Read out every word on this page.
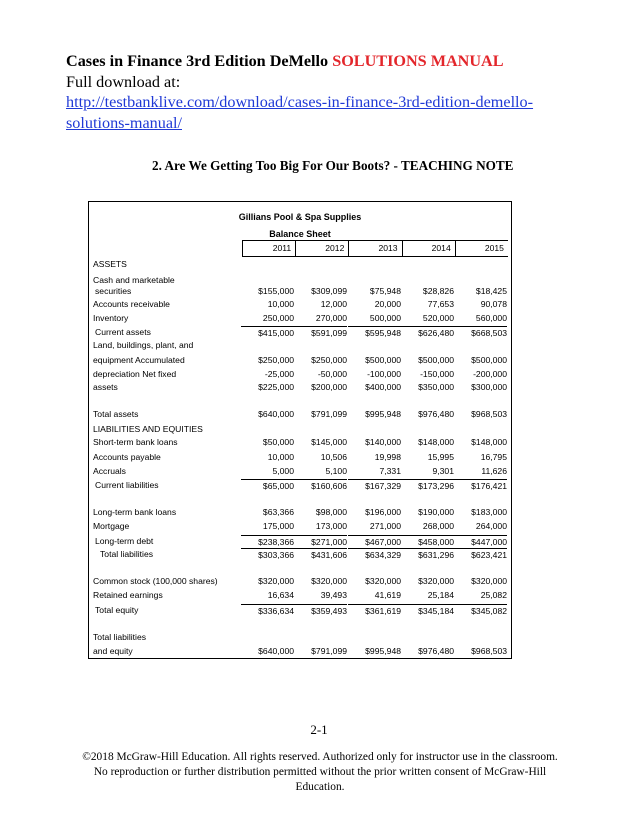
Cases in Finance 3rd Edition DeMello SOLUTIONS MANUAL
Full download at:
http://testbanklive.com/download/cases-in-finance-3rd-edition-demello-solutions-manual/
2. Are We Getting Too Big For Our Boots? - TEACHING NOTE
Gillians Pool & Spa Supplies
Balance Sheet
2011	2012	2013	2014	2015
ASSETS
Cash and marketable
securities	$155,000	$309,099	$75,948	$28,826	$18,425
Accounts receivable	10,000	12,000	20,000	77,653	90,078
Inventory	250,000	270,000	500,000	520,000	560,000
Current assets	$415,000	$591,099	$595,948	$626,480	$668,503
Land, buildings, plant, and
equipment Accumulated	$250,000	$250,000	$500,000	$500,000	$500,000
depreciation Net fixed	-25,000	-50,000	-100,000	-150,000	-200,000
assets	$225,000	$200,000	$400,000	$350,000	$300,000
Total assets	$640,000	$791,099	$995,948	$976,480	$968,503
LIABILITIES AND EQUITIES
Short-term bank loans	$50,000	$145,000	$140,000	$148,000	$148,000
Accounts payable	10,000	10,506	19,998	15,995	16,795
Accruals	5,000	5,100	7,331	9,301	11,626
Current liabilities	$65,000	$160,606	$167,329	$173,296	$176,421
Long-term bank loans	$63,366	$98,000	$196,000	$190,000	$183,000
Mortgage	175,000	173,000	271,000	268,000	264,000
Long-term debt	$238,366	$271,000	$467,000	$458,000	$447,000
Total liabilities	$303,366	$431,606	$634,329	$631,296	$623,421
Common stock (100,000 shares)	$320,000	$320,000	$320,000	$320,000	$320,000
Retained earnings	16,634	39,493	41,619	25,184	25,082
Total equity	$336,634	$359,493	$361,619	$345,184	$345,082
Total liabilities
and equity	$640,000	$791,099	$995,948	$976,480	$968,503
2-1
©2018 McGraw-Hill Education. All rights reserved. Authorized only for instructor use in the classroom. No reproduction or further distribution permitted without the prior written consent of McGraw-Hill Education.
